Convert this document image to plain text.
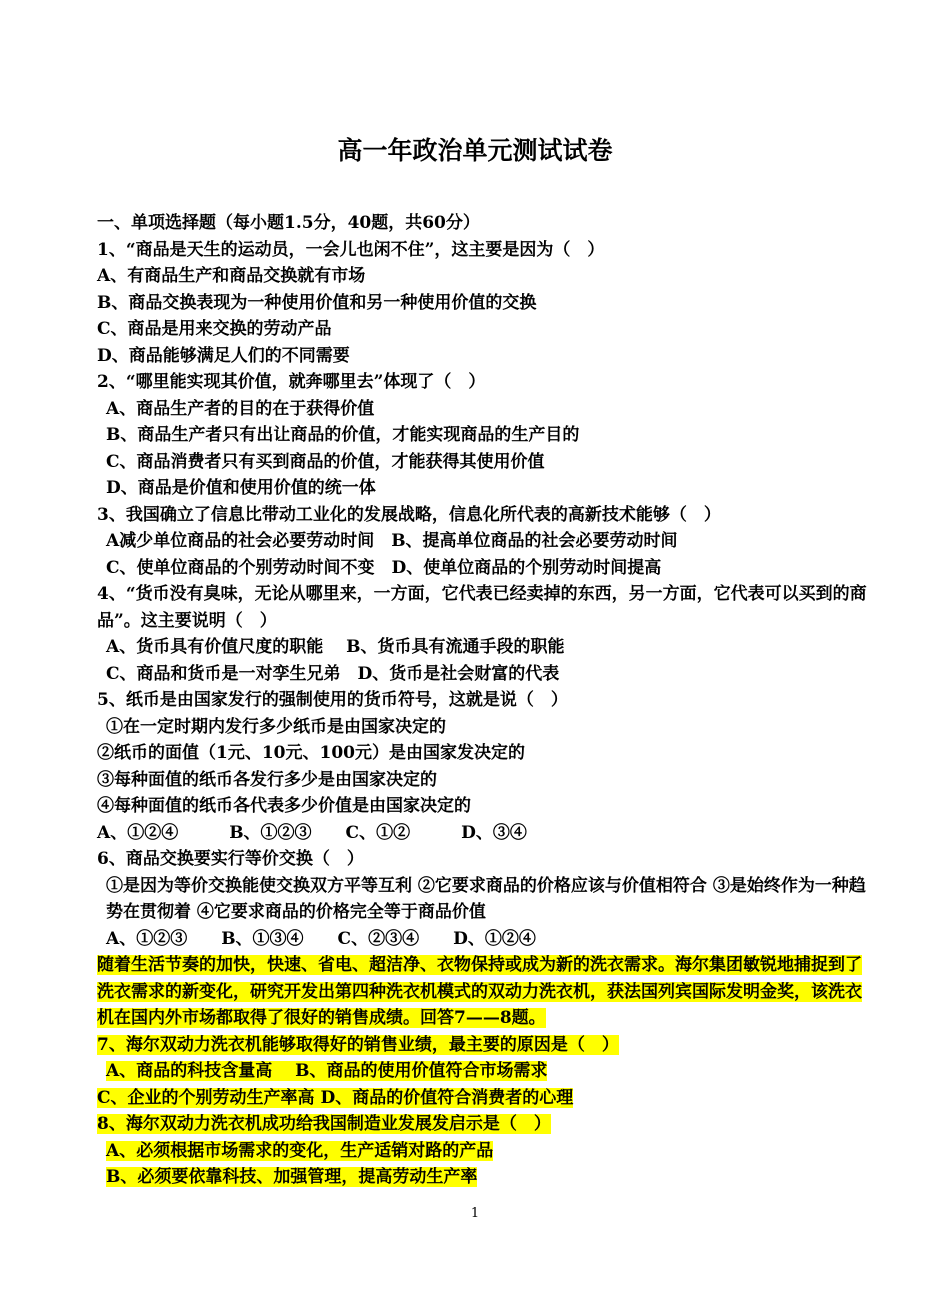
高一年政治单元测试试卷
一、单项选择题（每小题1.5分，40题，共60分）
1、“商品是天生的运动员，一会儿也闲不住”，这主要是因为（　）
A、有商品生产和商品交换就有市场
B、商品交换表现为一种使用价值和另一种使用价值的交换
C、商品是用来交换的劳动产品
D、商品能够满足人们的不同需要
2、“哪里能实现其价值，就奔哪里去”体现了（　）
A、商品生产者的目的在于获得价值
B、商品生产者只有出让商品的价值，才能实现商品的生产目的
C、商品消费者只有买到商品的价值，才能获得其使用价值
D、商品是价值和使用价值的统一体
3、我国确立了信息比带动工业化的发展战略，信息化所代表的高新技术能够（　）
A减少单位商品的社会必要劳动时间　B、提高单位商品的社会必要劳动时间
C、使单位商品的个别劳动时间不变　D、使单位商品的个别劳动时间提高
4、“货币没有臭味，无论从哪里来，一方面，它代表已经卖掉的东西，另一方面，它代表可以买到的商品”。这主要说明（　）
A、货币具有价值尺度的职能　 B、货币具有流通手段的职能
C、商品和货币是一对孪生兄弟　D、货币是社会财富的代表
5、纸币是由国家发行的强制使用的货币符号，这就是说（　）
①在一定时期内发行多少纸币是由国家决定的
②纸币的面值（1元、10元、100元）是由国家发决定的
③每种面值的纸币各发行多少是由国家决定的
④每种面值的纸币各代表多少价值是由国家决定的
A、①②④　　　B、①②③　　C、①②　　　D、③④
6、商品交换要实行等价交换（　）
①是因为等价交换能使交换双方平等互利 ②它要求商品的价格应该与价值相符合 ③是始终作为一种趋势在贯彻着 ④它要求商品的价格完全等于商品价值
A、①②③　　B、①③④　　C、②③④　　D、①②④
随着生活节奏的加快，快速、省电、超洁净、衣物保持或成为新的洗衣需求。海尔集团敏锐地捕捉到了洗衣需求的新变化，研究开发出第四种洗衣机模式的双动力洗衣机，获法国列宾国际发明金奖，该洗衣机在国内外市场都取得了很好的销售成绩。回答7——8题。
7、海尔双动力洗衣机能够取得好的销售业绩，最主要的原因是（　）
A、商品的科技含量高　 B、商品的使用价值符合市场需求
C、企业的个别劳动生产率高 D、商品的价值符合消费者的心理
8、海尔双动力洗衣机成功给我国制造业发展发启示是（　）
A、必须根据市场需求的变化，生产适销对路的产品
B、必须要依靠科技、加强管理，提高劳动生产率
1
